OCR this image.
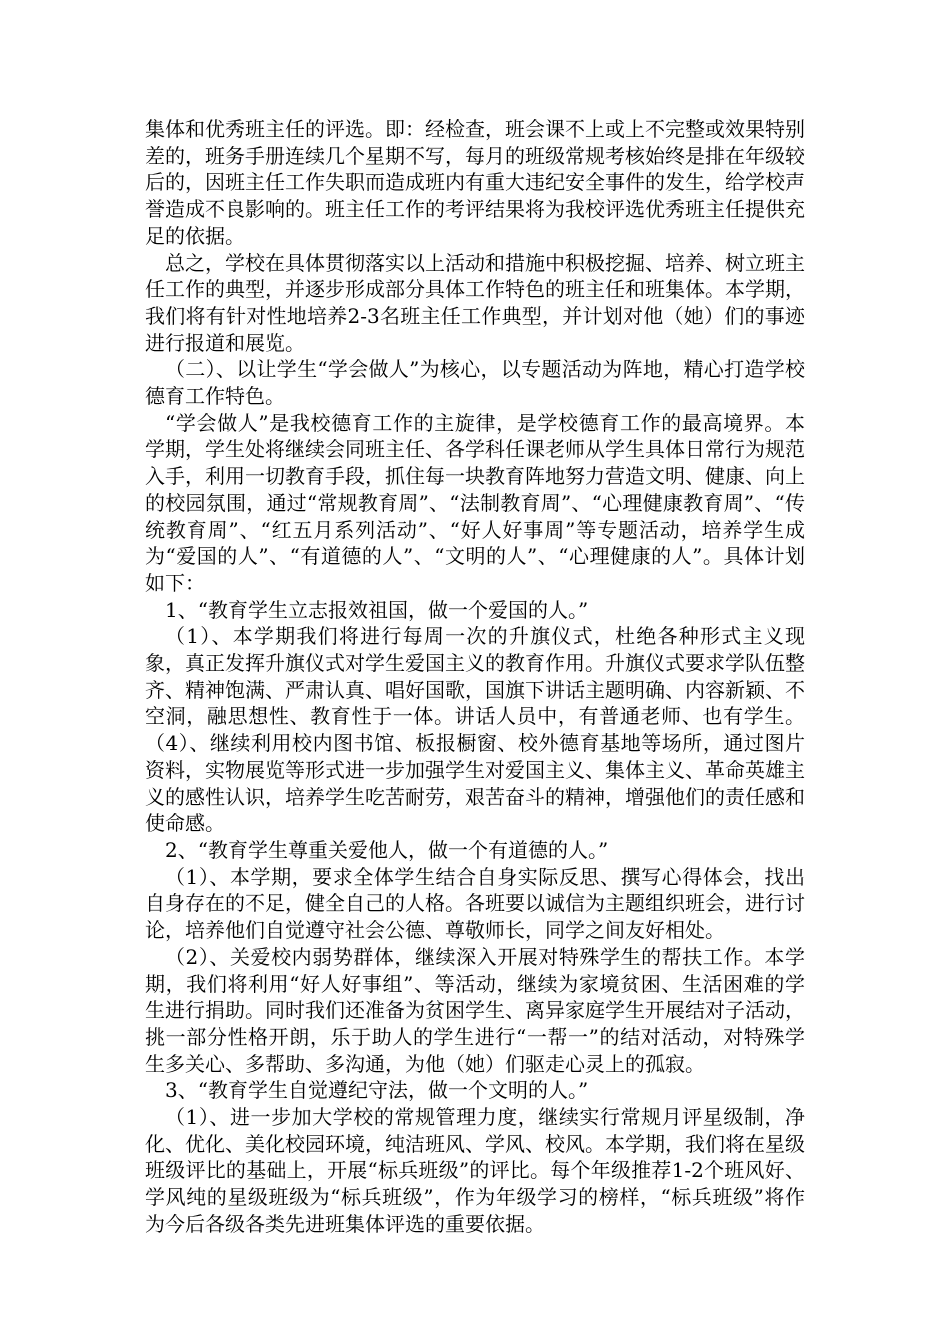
集体和优秀班主任的评选。即：经检查，班会课不上或上不完整或效果特别差的，班务手册连续几个星期不写，每月的班级常规考核始终是排在年级较后的，因班主任工作失职而造成班内有重大违纪安全事件的发生，给学校声誉造成不良影响的。班主任工作的考评结果将为我校评选优秀班主任提供充足的依据。

总之，学校在具体贯彻落实以上活动和措施中积极挖掘、培养、树立班主任工作的典型，并逐步形成部分具体工作特色的班主任和班集体。本学期，我们将有针对性地培养2-3名班主任工作典型，并计划对他（她）们的事迹进行报道和展览。

（二）、以让学生“学会做人”为核心，以专题活动为阵地，精心打造学校德育工作特色。

“学会做人”是我校德育工作的主旋律，是学校德育工作的最高境界。本学期，学生处将继续会同班主任、各学科任课老师从学生具体日常行为规范入手，利用一切教育手段，抓住每一块教育阵地努力营造文明、健康、向上的校园氛围，通过“常规教育周”、“法制教育周”、“心理健康教育周”、“传统教育周”、“红五月系列活动”、“好人好事周”等专题活动，培养学生成为“爱国的人”、“有道德的人”、“文明的人”、“心理健康的人”。具体计划如下：

1、“教育学生立志报效祖国，做一个爱国的人。”

（1）、本学期我们将进行每周一次的升旗仪式，杜绝各种形式主义现象，真正发挥升旗仪式对学生爱国主义的教育作用。升旗仪式要求学队伍整齐、精神饱满、严肃认真、唱好国歌，国旗下讲话主题明确、内容新颖、不空洞，融思想性、教育性于一体。讲话人员中，有普通老师、也有学生。（4）、继续利用校内图书馆、板报橱窗、校外德育基地等场所，通过图片资料，实物展览等形式进一步加强学生对爱国主义、集体主义、革命英雄主义的感性认识，培养学生吃苦耐劳，艰苦奋斗的精神，增强他们的责任感和使命感。

2、“教育学生尊重关爱他人，做一个有道德的人。”

（1）、本学期，要求全体学生结合自身实际反思、撰写心得体会，找出自身存在的不足，健全自己的人格。各班要以诚信为主题组织班会，进行讨论，培养他们自觉遵守社会公德、尊敬师长，同学之间友好相处。

（2）、关爱校内弱势群体，继续深入开展对特殊学生的帮扶工作。本学期，我们将利用“好人好事组”、等活动，继续为家境贫困、生活困难的学生进行捐助。同时我们还准备为贫困学生、离异家庭学生开展结对子活动，挑一部分性格开朗，乐于助人的学生进行“一帮一”的结对活动，对特殊学生多关心、多帮助、多沟通，为他（她）们驱走心灵上的孤寂。

3、“教育学生自觉遵纪守法，做一个文明的人。”

（1）、进一步加大学校的常规管理力度，继续实行常规月评星级制，净化、优化、美化校园环境，纯洁班风、学风、校风。本学期，我们将在星级班级评比的基础上，开展“标兵班级”的评比。每个年级推荐1-2个班风好、学风纯的星级班级为“标兵班级”，作为年级学习的榜样，“标兵班级”将作为今后各级各类先进班集体评选的重要依据。
